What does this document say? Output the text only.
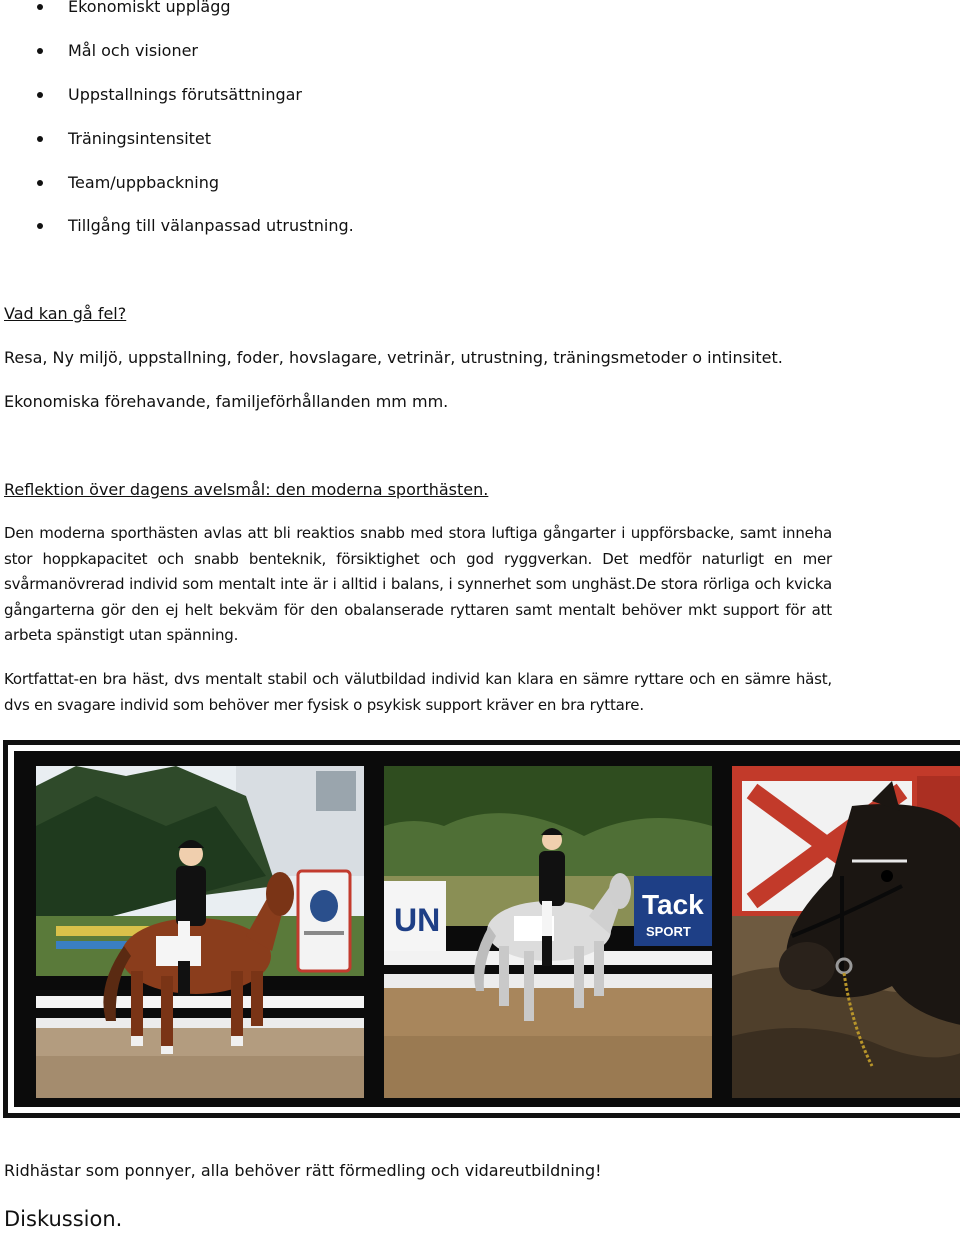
Ekonomiskt upplägg
Mål och visioner
Uppstallnings förutsättningar
Träningsintensitet
Team/uppbackning
Tillgång till välanpassad utrustning.

Vad kan gå fel?

Resa, Ny miljö, uppstallning, foder, hovslagare, vetrinär, utrustning, träningsmetoder o intinsitet.

Ekonomiska förehavande, familjeförhållanden mm mm.

Reflektion över dagens avelsmål: den moderna sporthästen.

Den moderna sporthästen avlas att bli reaktios snabb med stora luftiga gångarter i uppförsbacke, samt inneha stor hoppkapacitet och snabb benteknik, försiktighet och god ryggverkan. Det medför naturligt en mer svårmanövrerad individ som mentalt inte är i alltid i balans, i synnerhet som unghäst.De stora rörliga och kvicka gångarterna gör den ej helt bekväm för den obalanserade ryttaren samt mentalt behöver mkt support för att arbeta spänstigt utan spänning.

Kortfattat-en bra häst, dvs mentalt stabil och välutbildad individ kan klara en sämre ryttare och en sämre häst, dvs en svagare individ som behöver mer fysisk o psykisk support kräver en bra ryttare.

UN	Tack
SPORT

Ridhästar som ponnyer, alla behöver rätt förmedling och vidareutbildning!

Diskussion.
